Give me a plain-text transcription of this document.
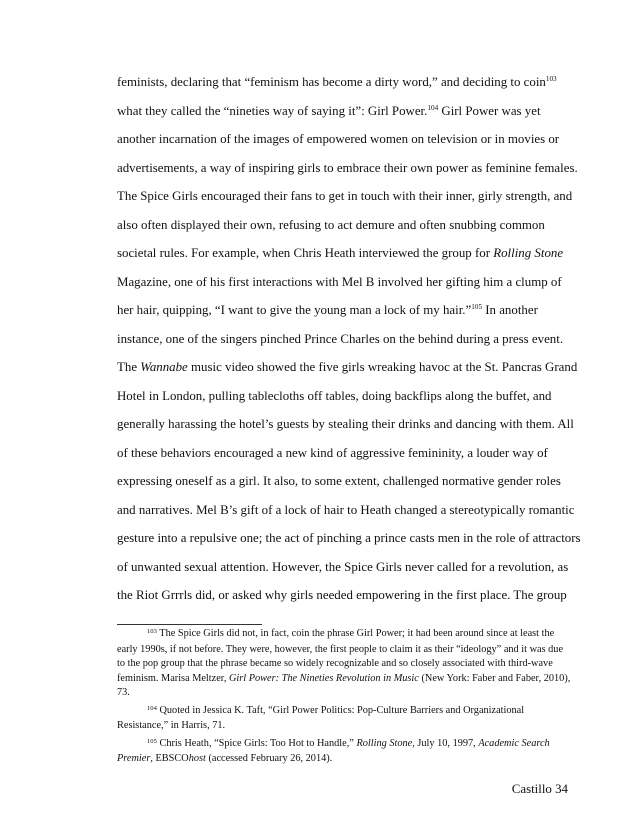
feminists, declaring that “feminism has become a dirty word,” and deciding to coin$^{103}$
what they called the “nineties way of saying it”: Girl Power.$^{104}$ Girl Power was yet
another incarnation of the images of empowered women on television or in movies or
advertisements, a way of inspiring girls to embrace their own power as feminine females.
The Spice Girls encouraged their fans to get in touch with their inner, girly strength, and
also often displayed their own, refusing to act demure and often snubbing common
societal rules. For example, when Chris Heath interviewed the group for Rolling Stone
Magazine, one of his first interactions with Mel B involved her gifting him a clump of
her hair, quipping, “I want to give the young man a lock of my hair.”$^{105}$ In another
instance, one of the singers pinched Prince Charles on the behind during a press event.
The Wannabe music video showed the five girls wreaking havoc at the St. Pancras Grand
Hotel in London, pulling tablecloths off tables, doing backflips along the buffet, and
generally harassing the hotel’s guests by stealing their drinks and dancing with them. All
of these behaviors encouraged a new kind of aggressive femininity, a louder way of
expressing oneself as a girl. It also, to some extent, challenged normative gender roles
and narratives. Mel B’s gift of a lock of hair to Heath changed a stereotypically romantic
gesture into a repulsive one; the act of pinching a prince casts men in the role of attractors
of unwanted sexual attention. However, the Spice Girls never called for a revolution, as
the Riot Grrrls did, or asked why girls needed empowering in the first place. The group

$^{103}$ The Spice Girls did not, in fact, coin the phrase Girl Power; it had been around since at least the early 1990s, if not before. They were, however, the first people to claim it as their “ideology” and it was due to the pop group that the phrase became so widely recognizable and so closely associated with third-wave feminism. Marisa Meltzer, Girl Power: The Nineties Revolution in Music (New York: Faber and Faber, 2010), 73.

$^{104}$ Quoted in Jessica K. Taft, “Girl Power Politics: Pop-Culture Barriers and Organizational Resistance,” in Harris, 71.

$^{105}$ Chris Heath, “Spice Girls: Too Hot to Handle,” Rolling Stone, July 10, 1997, Academic Search Premier, EBSCOhost (accessed February 26, 2014).

Castillo 34
